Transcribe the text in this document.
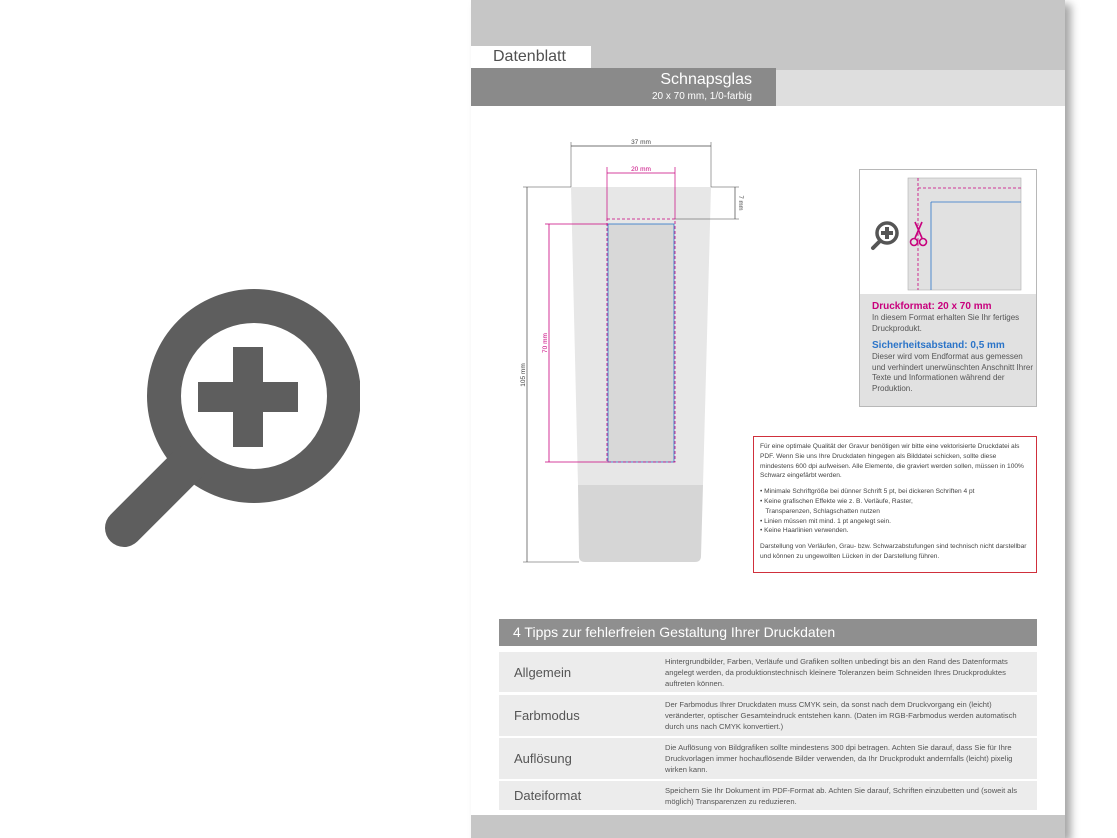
Datenblatt
Schnapsglas
20 x 70 mm, 1/0-farbig
37 mm
20 mm
7 mm
105 mm
70 mm
Druckformat: 20 x 70 mm
In diesem Format erhalten Sie Ihr fertiges Druckprodukt.
Sicherheitsabstand: 0,5 mm
Dieser wird vom Endformat aus gemessen und verhindert unerwünschten Anschnitt Ihrer Texte und Informationen während der Produktion.

Für eine optimale Qualität der Gravur benötigen wir bitte eine vektorisierte Druckdatei als PDF. Wenn Sie uns Ihre Druckdaten hingegen als Bilddatei schicken, sollte diese mindestens 600 dpi aufweisen. Alle Elemente, die graviert werden sollen, müssen in 100% Schwarz eingefärbt werden.

• Minimale Schriftgröße bei dünner Schrift 5 pt, bei dickeren Schriften 4 pt

• Keine grafischen Effekte wie z. B. Verläufe, Raster,

Transparenzen, Schlagschatten nutzen

• Linien müssen mit mind. 1 pt angelegt sein.

• Keine Haarlinien verwenden.

Darstellung von Verläufen, Grau- bzw. Schwarzabstufungen sind technisch nicht darstellbar und können zu ungewollten Lücken in der Darstellung führen.

4 Tipps zur fehlerfreien Gestaltung Ihrer Druckdaten
Allgemein
Hintergrundbilder, Farben, Verläufe und Grafiken sollten unbedingt bis an den Rand des Datenformats angelegt werden, da produktionstechnisch kleinere Toleranzen beim Schneiden Ihres Druckproduktes auftreten können.
Farbmodus
Der Farbmodus Ihrer Druckdaten muss CMYK sein, da sonst nach dem Druckvorgang ein (leicht) veränderter, optischer Gesamteindruck entstehen kann. (Daten im RGB-Farbmodus werden automatisch durch uns nach CMYK konvertiert.)
Auflösung
Die Auflösung von Bildgrafiken sollte mindestens 300 dpi betragen. Achten Sie darauf, dass Sie für Ihre Druckvorlagen immer hochauflösende Bilder verwenden, da Ihr Druckprodukt andernfalls (leicht) pixelig wirken kann.
Dateiformat	Speichern Sie Ihr Dokument im PDF-Format ab. Achten Sie darauf, Schriften einzubetten und (soweit als möglich) Transparenzen zu reduzieren.
